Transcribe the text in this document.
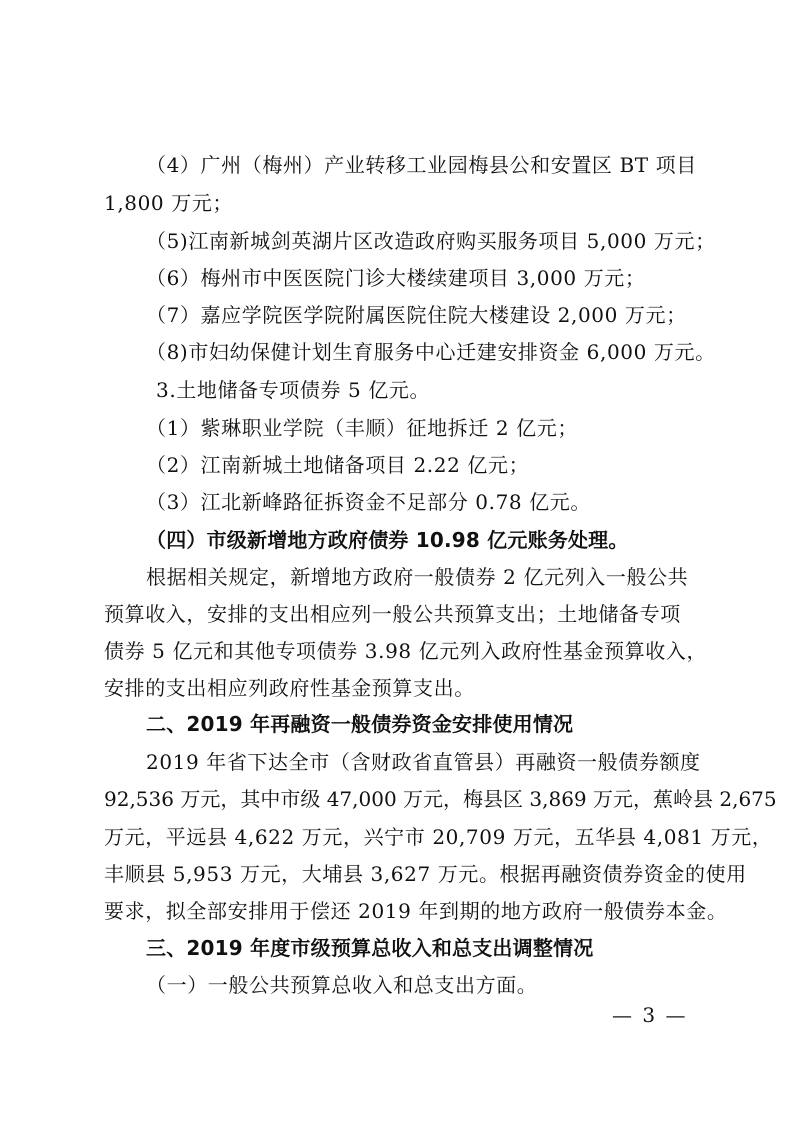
（4）广州（梅州）产业转移工业园梅县公和安置区 BT 项目
1,800 万元；
（5)江南新城剑英湖片区改造政府购买服务项目 5,000 万元；
（6）梅州市中医医院门诊大楼续建项目 3,000 万元；
（7）嘉应学院医学院附属医院住院大楼建设 2,000 万元；
（8)市妇幼保健计划生育服务中心迁建安排资金 6,000 万元。
3.土地储备专项债券 5 亿元。
（1）紫琳职业学院（丰顺）征地拆迁 2 亿元；
（2）江南新城土地储备项目 2.22 亿元；
（3）江北新峰路征拆资金不足部分 0.78 亿元。
（四）市级新增地方政府债券 10.98 亿元账务处理。
根据相关规定，新增地方政府一般债券 2 亿元列入一般公共
预算收入，安排的支出相应列一般公共预算支出；土地储备专项
债券 5 亿元和其他专项债券 3.98 亿元列入政府性基金预算收入，
安排的支出相应列政府性基金预算支出。
二、2019 年再融资一般债券资金安排使用情况
2019 年省下达全市（含财政省直管县）再融资一般债券额度
92,536 万元，其中市级 47,000 万元，梅县区 3,869 万元，蕉岭县 2,675
万元，平远县 4,622 万元，兴宁市 20,709 万元，五华县 4,081 万元，
丰顺县 5,953 万元，大埔县 3,627 万元。根据再融资债券资金的使用
要求，拟全部安排用于偿还 2019 年到期的地方政府一般债券本金。
三、2019 年度市级预算总收入和总支出调整情况
（一）一般公共预算总收入和总支出方面。
— 3 —
